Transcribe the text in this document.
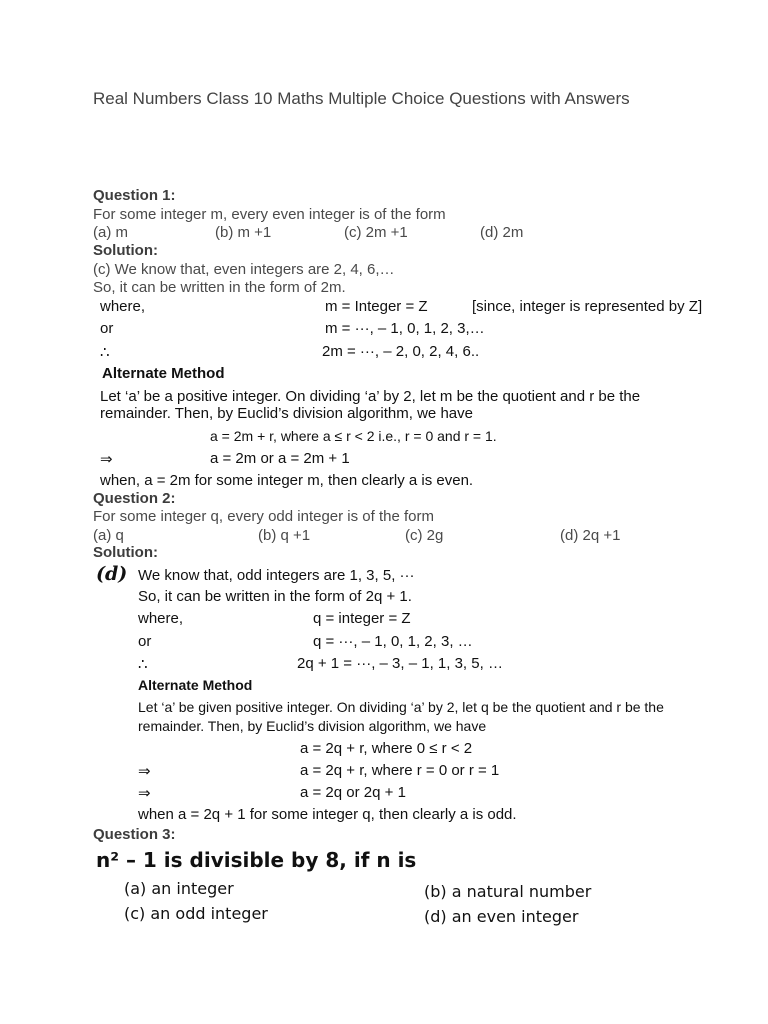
Real Numbers Class 10 Maths Multiple Choice Questions with Answers
Question 1:
For some integer m, every even integer is of the form
(a) m	(b) m +1	(c) 2m +1	(d) 2m
Solution:
(c) We know that, even integers are 2, 4, 6,…
So, it can be written in the form of 2m.
where,	m = Integer = Z	[since, integer is represented by Z]
or	m = ···, – 1, 0, 1, 2, 3,…
∴	2m = ···, – 2, 0, 2, 4, 6..
Alternate Method
Let ‘a’ be a positive integer. On dividing ‘a’ by 2, let m be the quotient and r be the
remainder. Then, by Euclid’s division algorithm, we have
a = 2m + r, where a ≤ r < 2 i.e., r = 0 and r = 1.
⇒	a = 2m or a = 2m + 1
when, a = 2m for some integer m, then clearly a is even.
Question 2:
For some integer q, every odd integer is of the form
(a) q	(b) q +1	(c) 2g	(d) 2q +1
Solution:
(d) We know that, odd integers are 1, 3, 5, ···
So, it can be written in the form of 2q + 1.
where,	q = integer = Z
or	q = ···, – 1, 0, 1, 2, 3, …
∴	2q + 1 = ···, – 3, – 1, 1, 3, 5, …
Alternate Method
Let ‘a’ be given positive integer. On dividing ‘a’ by 2, let q be the quotient and r be the
remainder. Then, by Euclid’s division algorithm, we have
a = 2q + r, where 0 ≤ r < 2
⇒	a = 2q + r, where r = 0 or r = 1
⇒	a = 2q or 2q + 1
when a = 2q + 1 for some integer q, then clearly a is odd.
Question 3:
n² – 1 is divisible by 8, if n is
(a) an integer	(b) a natural number
(c) an odd integer	(d) an even integer
